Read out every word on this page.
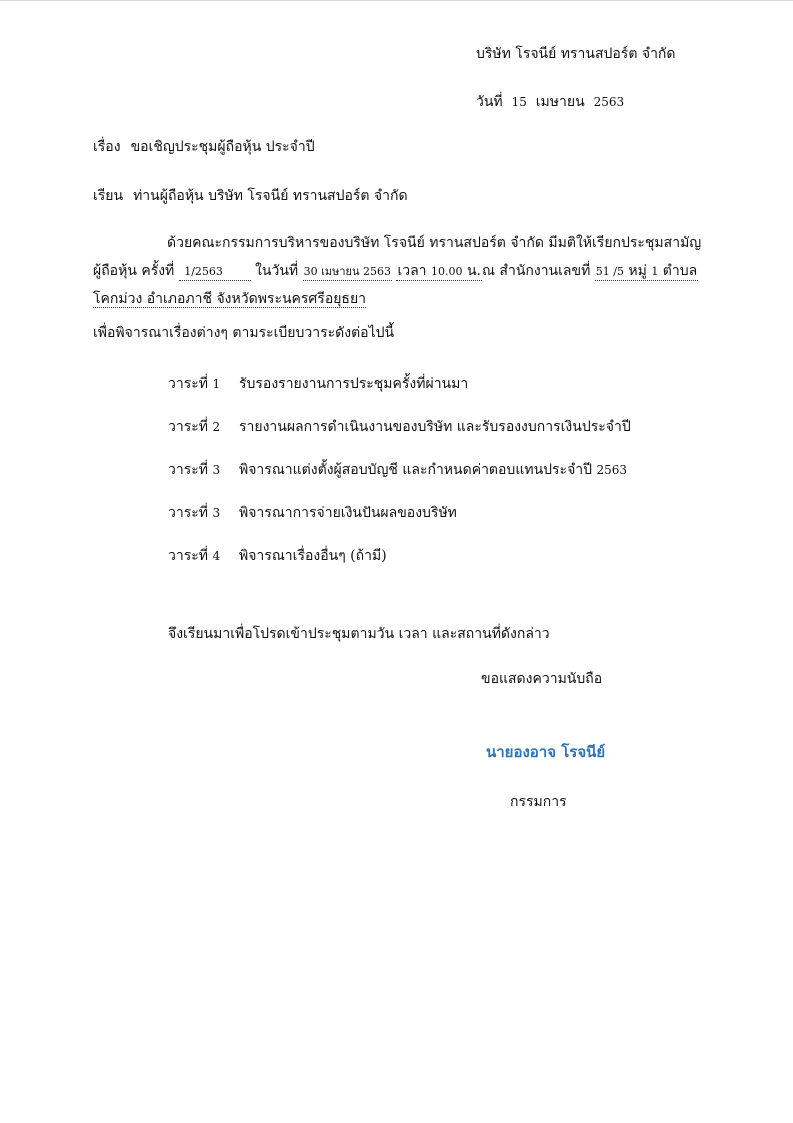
บริษัท โรจนีย์ ทรานสปอร์ต จำกัด
วันที่ 15 เมษายน 2563
เรื่อง ขอเชิญประชุมผู้ถือหุ้น ประจำปี
เรียน ท่านผู้ถือหุ้น บริษัท โรจนีย์ ทรานสปอร์ต จำกัด
ด้วยคณะกรรมการบริหารของบริษัท โรจนีย์ ทรานสปอร์ต จำกัด มีมติให้เรียกประชุมสามัญ
ผู้ถือหุ้น ครั้งที่ 1/2563 ในวันที่ 30 เมษายน 2563 เวลา 10.00 น.ณ สำนักงานเลขที่ 51 /5 หมู่ 1 ตำบล
โคกม่วง อำเภอภาชี จังหวัดพระนครศรีอยุธยา
เพื่อพิจารณาเรื่องต่างๆ ตามระเบียบวาระดังต่อไปนี้
วาระที่ 1 รับรองรายงานการประชุมครั้งที่ผ่านมา
วาระที่ 2 รายงานผลการดำเนินงานของบริษัท และรับรองงบการเงินประจำปี
วาระที่ 3 พิจารณาแต่งตั้งผู้สอบบัญชี และกำหนดค่าตอบแทนประจำปี 2563
วาระที่ 3 พิจารณาการจ่ายเงินปันผลของบริษัท
วาระที่ 4 พิจารณาเรื่องอื่นๆ (ถ้ามี)
จึงเรียนมาเพื่อโปรดเข้าประชุมตามวัน เวลา และสถานที่ดังกล่าว
ขอแสดงความนับถือ
นายองอาจ โรจนีย์
กรรมการ
